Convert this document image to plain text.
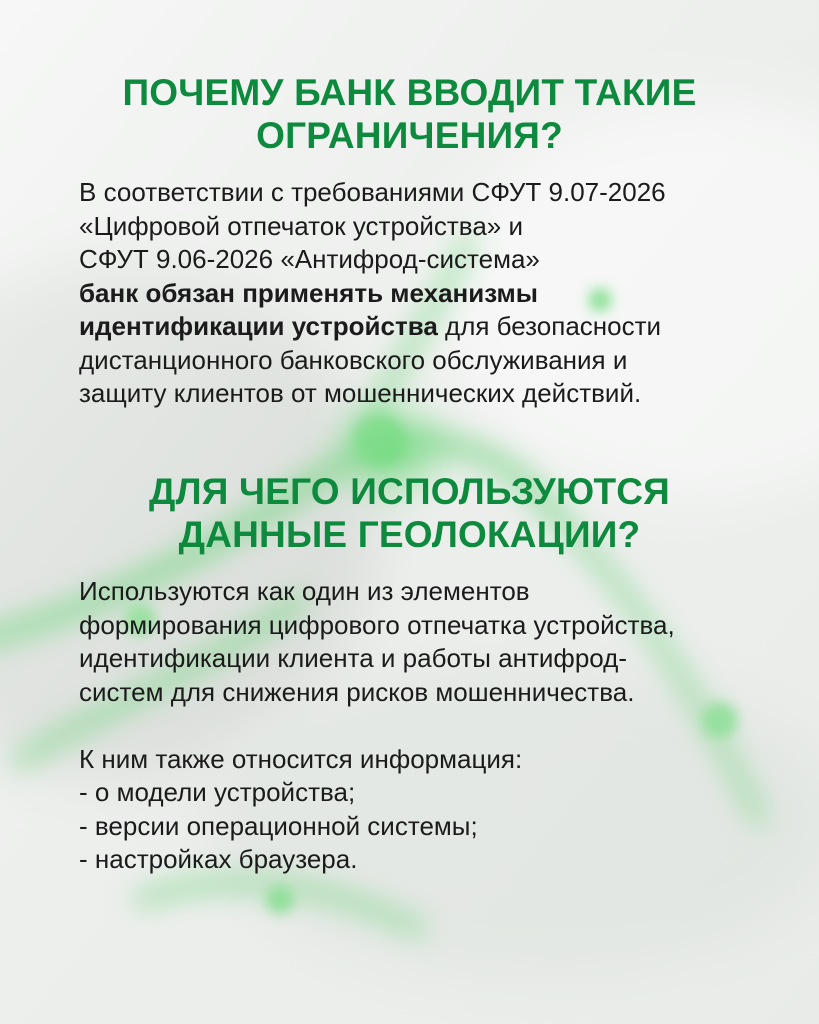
ПОЧЕМУ БАНК ВВОДИТ ТАКИЕ
ОГРАНИЧЕНИЯ?

В соответствии с требованиями СФУТ 9.07-2026
«Цифровой отпечаток устройства» и
СФУТ 9.06-2026 «Антифрод-система»
банк обязан применять механизмы
идентификации устройства для безопасности
дистанционного банковского обслуживания и
защиту клиентов от мошеннических действий.

ДЛЯ ЧЕГО ИСПОЛЬЗУЮТСЯ
ДАННЫЕ ГЕОЛОКАЦИИ?

Используются как один из элементов
формирования цифрового отпечатка устройства,
идентификации клиента и работы антифрод-
систем для снижения рисков мошенничества.
К ним также относится информация:
- о модели устройства;
- версии операционной системы;
- настройках браузера.
